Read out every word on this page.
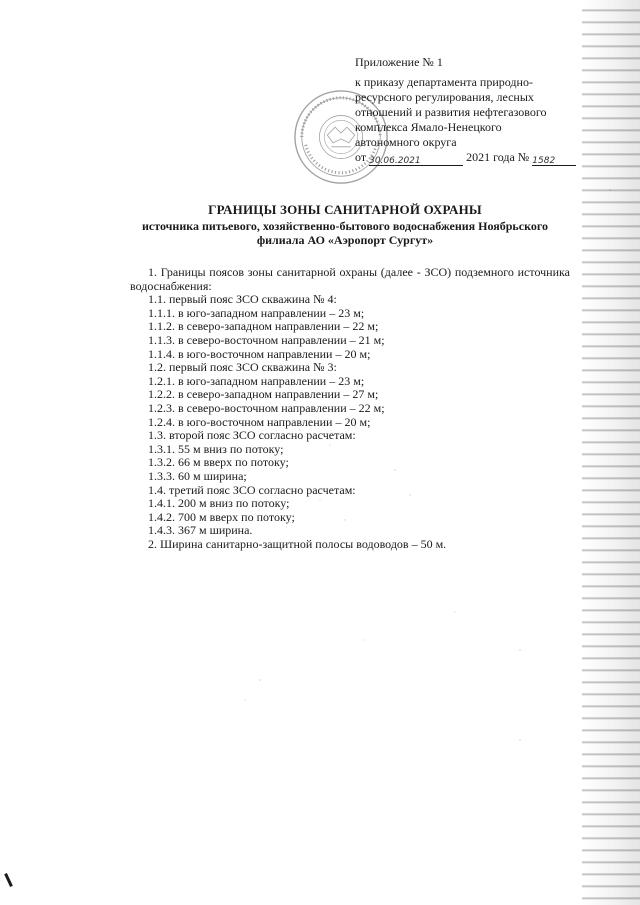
Приложение № 1
к приказу департамента природно-
ресурсного регулирования, лесных
отношений и развития нефтегазового
комплекса Ямало-Ненецкого
автономного округа
от 30.06.2021	2021 года № 1582
ГРАНИЦЫ ЗОНЫ САНИТАРНОЙ ОХРАНЫ
источника питьевого, хозяйственно-бытового водоснабжения Ноябрьского
филиала АО «Аэропорт Сургут»
1. Границы поясов зоны санитарной охраны (далее - ЗСО) подземного источника водоснабжения:
1.1. первый пояс ЗСО скважина № 4:
1.1.1. в юго-западном направлении – 23 м;
1.1.2. в северо-западном направлении – 22 м;
1.1.3. в северо-восточном направлении – 21 м;
1.1.4. в юго-восточном направлении – 20 м;
1.2. первый пояс ЗСО скважина № 3:
1.2.1. в юго-западном направлении – 23 м;
1.2.2. в северо-западном направлении – 27 м;
1.2.3. в северо-восточном направлении – 22 м;
1.2.4. в юго-восточном направлении – 20 м;
1.3. второй пояс ЗСО согласно расчетам:
1.3.1. 55 м вниз по потоку;
1.3.2. 66 м вверх по потоку;
1.3.3. 60 м ширина;
1.4. третий пояс ЗСО согласно расчетам:
1.4.1. 200 м вниз по потоку;
1.4.2. 700 м вверх по потоку;
1.4.3. 367 м ширина.
2. Ширина санитарно-защитной полосы водоводов – 50 м.
